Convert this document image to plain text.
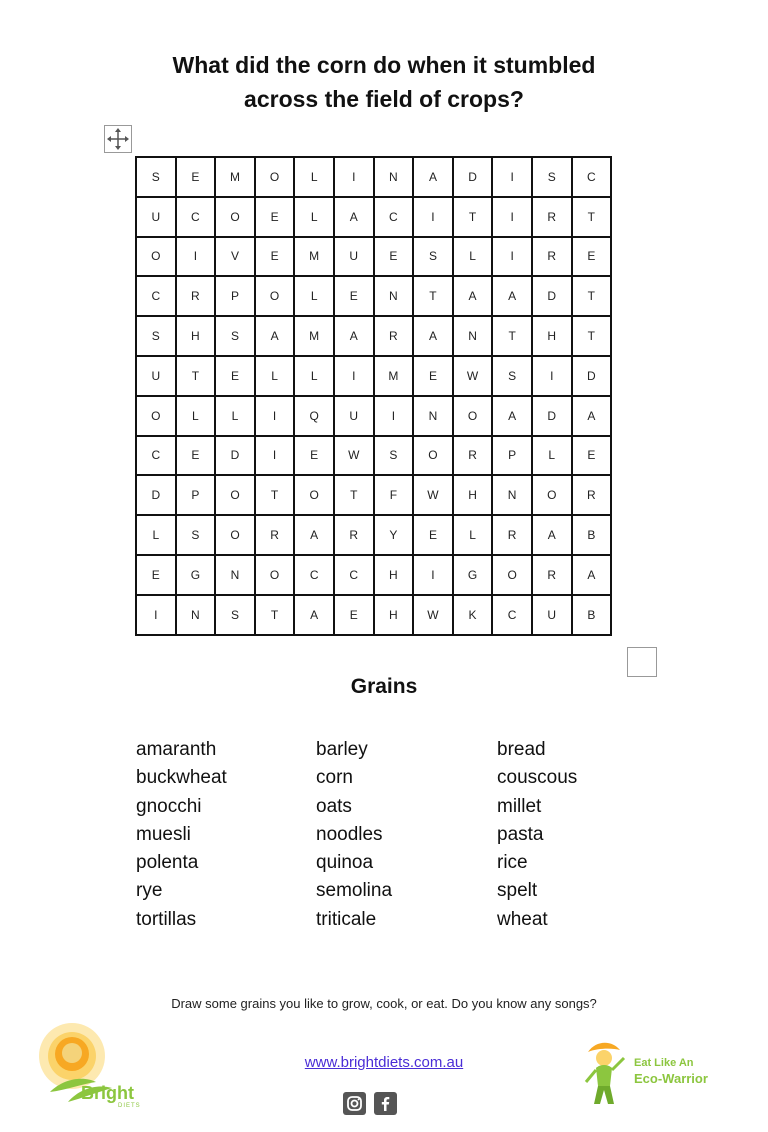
What did the corn do when it stumbled
across the field of crops?
S	E	M	O	L	I	N	A	D	I	S	C
U	C	O	E	L	A	C	I	T	I	R	T
O	I	V	E	M	U	E	S	L	I	R	E
C	R	P	O	L	E	N	T	A	A	D	T
S	H	S	A	M	A	R	A	N	T	H	T
U	T	E	L	L	I	M	E	W	S	I	D
O	L	L	I	Q	U	I	N	O	A	D	A
C	E	D	I	E	W	S	O	R	P	L	E
D	P	O	T	O	T	F	W	H	N	O	R
L	S	O	R	A	R	Y	E	L	R	A	B
E	G	N	O	C	C	H	I	G	O	R	A
I	N	S	T	A	E	H	W	K	C	U	B
Grains
amaranth
buckwheat
gnocchi
muesli
polenta
rye
tortillas
barley
corn
oats
noodles
quinoa
semolina
triticale
bread
couscous
millet
pasta
rice
spelt
wheat
Draw some grains you like to grow, cook, or eat. Do you know any songs?
Bright
DIETS
www.brightdiets.com.au	Eat Like An
Eco-Warrior
